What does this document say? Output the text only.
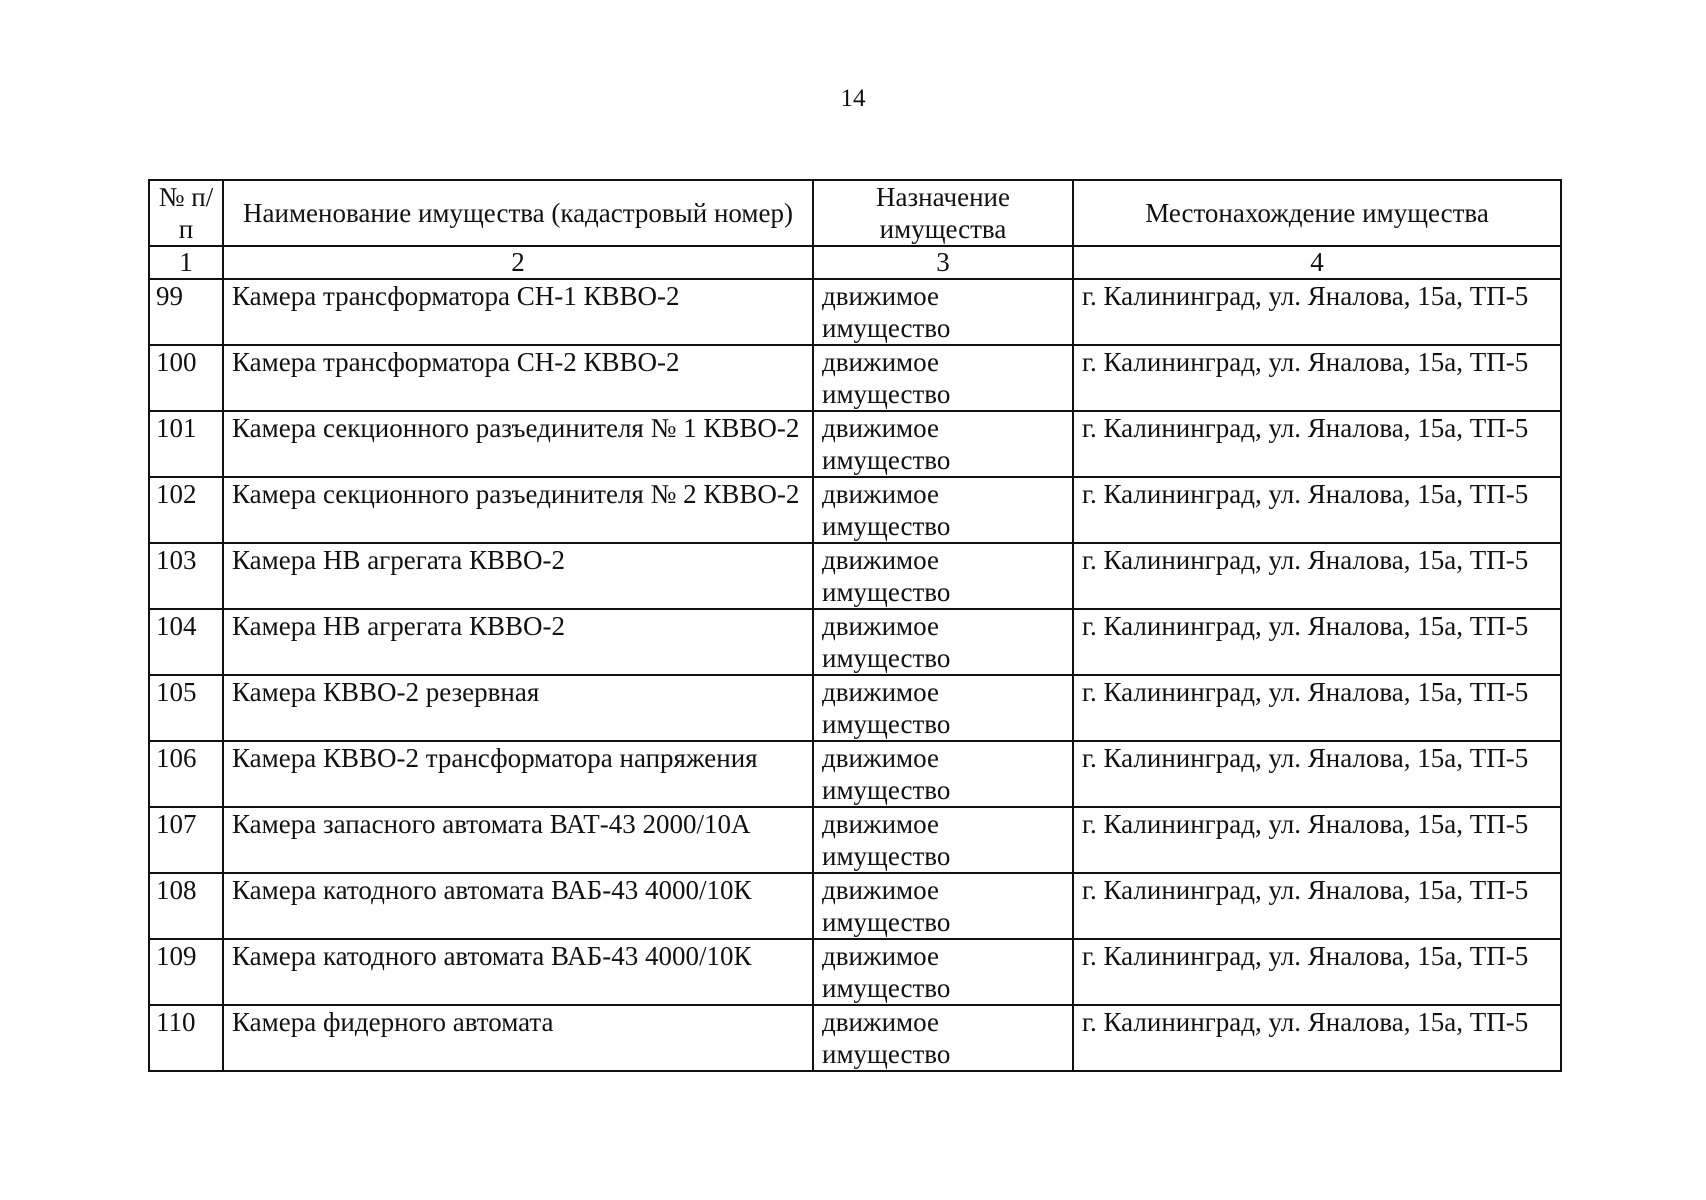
14
№ п/п	Наименование имущества (кадастровый номер)	Назначение имущества	Местонахождение имущества
1	2	3	4
99	Камера трансформатора СН-1 КВВО-2	движимое имущество	г. Калининград, ул. Яналова, 15а, ТП-5
100	Камера трансформатора СН-2 КВВО-2	движимое имущество	г. Калининград, ул. Яналова, 15а, ТП-5
101	Камера секционного разъединителя № 1 КВВО-2	движимое имущество	г. Калининград, ул. Яналова, 15а, ТП-5
102	Камера секционного разъединителя № 2 КВВО-2	движимое имущество	г. Калининград, ул. Яналова, 15а, ТП-5
103	Камера НВ агрегата КВВО-2	движимое имущество	г. Калининград, ул. Яналова, 15а, ТП-5
104	Камера НВ агрегата КВВО-2	движимое имущество	г. Калининград, ул. Яналова, 15а, ТП-5
105	Камера КВВО-2 резервная	движимое имущество	г. Калининград, ул. Яналова, 15а, ТП-5
106	Камера КВВО-2 трансформатора напряжения	движимое имущество	г. Калининград, ул. Яналова, 15а, ТП-5
107	Камера запасного автомата ВАТ-43 2000/10А	движимое имущество	г. Калининград, ул. Яналова, 15а, ТП-5
108	Камера катодного автомата ВАБ-43 4000/10К	движимое имущество	г. Калининград, ул. Яналова, 15а, ТП-5
109	Камера катодного автомата ВАБ-43 4000/10К	движимое имущество	г. Калининград, ул. Яналова, 15а, ТП-5
110	Камера фидерного автомата	движимое имущество	г. Калининград, ул. Яналова, 15а, ТП-5
